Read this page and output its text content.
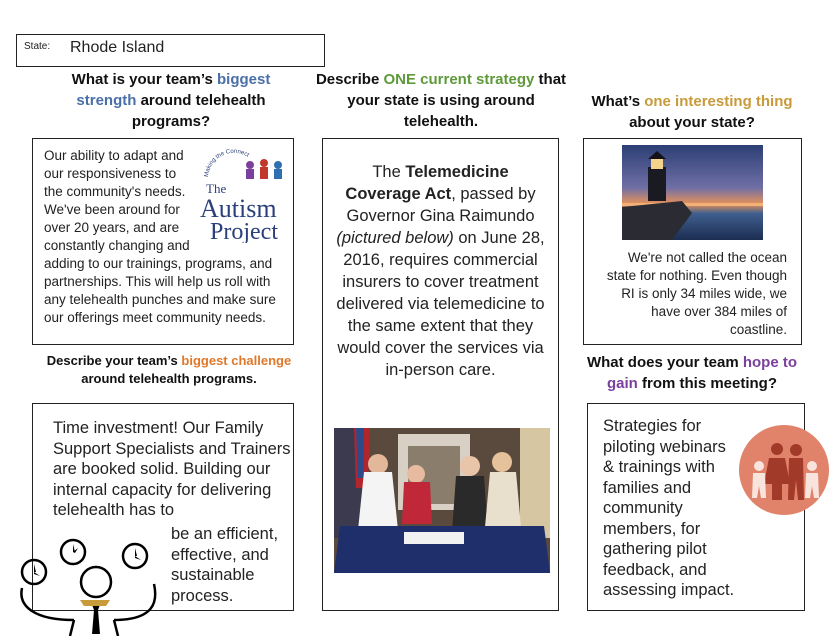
State: Rhode Island
What is your team’s biggest strength around telehealth programs?
Making the Connect
The
Autism
Project
Our ability to adapt and our responsiveness to the community's needs. We've been around for over 20 years, and are constantly changing and adding to our trainings, programs, and partnerships. This will help us roll with any telehealth punches and make sure our offerings meet community needs.
Describe your team’s biggest challenge around telehealth programs.
Time investment! Our Family Support Specialists and Trainers are booked solid. Building our internal capacity for delivering telehealth has to
be an efficient, effective, and sustainable process.
Describe ONE current strategy that your state is using around telehealth.
The Telemedicine Coverage Act, passed by Governor Gina Raimundo (pictured below) on June 28, 2016, requires commercial insurers to cover treatment delivered via telemedicine to the same extent that they would cover the services via in-person care.
What’s one interesting thing about your state?
We're not called the ocean state for nothing. Even though RI is only 34 miles wide, we have over 384 miles of coastline.
What does your team hope to gain from this meeting?
Strategies for piloting webinars & trainings with families and community members, for gathering pilot feedback, and assessing impact.
